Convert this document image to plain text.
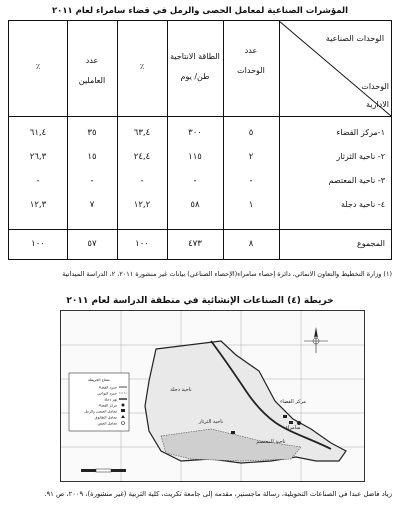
المؤشرات الصناعية لمعامل الحصى والرمل في قضاء سامراء لعام ٢٠١١
الوحدات الصناعية
الوحدات
الادارية
عدد
الوحدات
الطاقة الانتاجية
طن/ يوم
٪
عدد
العاملين
٪
١-مركز القضاء
٥
٣٠٠
٦٣,٤
٣٥
٦١,٤
٢- ناحية الثرثار
٢
١١٥
٢٤,٤
١٥
٢٦,٣
٣- ناحية المعتصم
-
-
-
-
-
٤- ناحية دجلة
١
٥٨
١٢,٢
٧
١٢,٣
المجموع
٨
٤٧٣
١٠٠
٥٧
١٠٠
(١) وزارة التخطيط والتعاون الانمائي، دائرة إحصاء سامراء(الإحصاء الصناعي) بيانات غير منشورة ٢٠١١، ٢، الدراسة الميدانية
خريطة (٤) الصناعات الإنشائية في منطقة الدراسة لعام ٢٠١١
مفتاح الخريطة
حدود القضاء
حدود النواحي
نهر دجلة
مركز القضاء
معامل الحصى والرمل
معامل الطابوق
معامل الجص
ناحية دجلة
ناحية الثرثار
مركز القضاء
ناحية المعتصم
سامراء
زياد فاضل عبدا في الصناعات التحويلية، رسالة ماجستير، مقدمه إلى جامعة تكريت، كلية التربية (غير منشورة)، ٢٠٠٩، ص ٩١.
